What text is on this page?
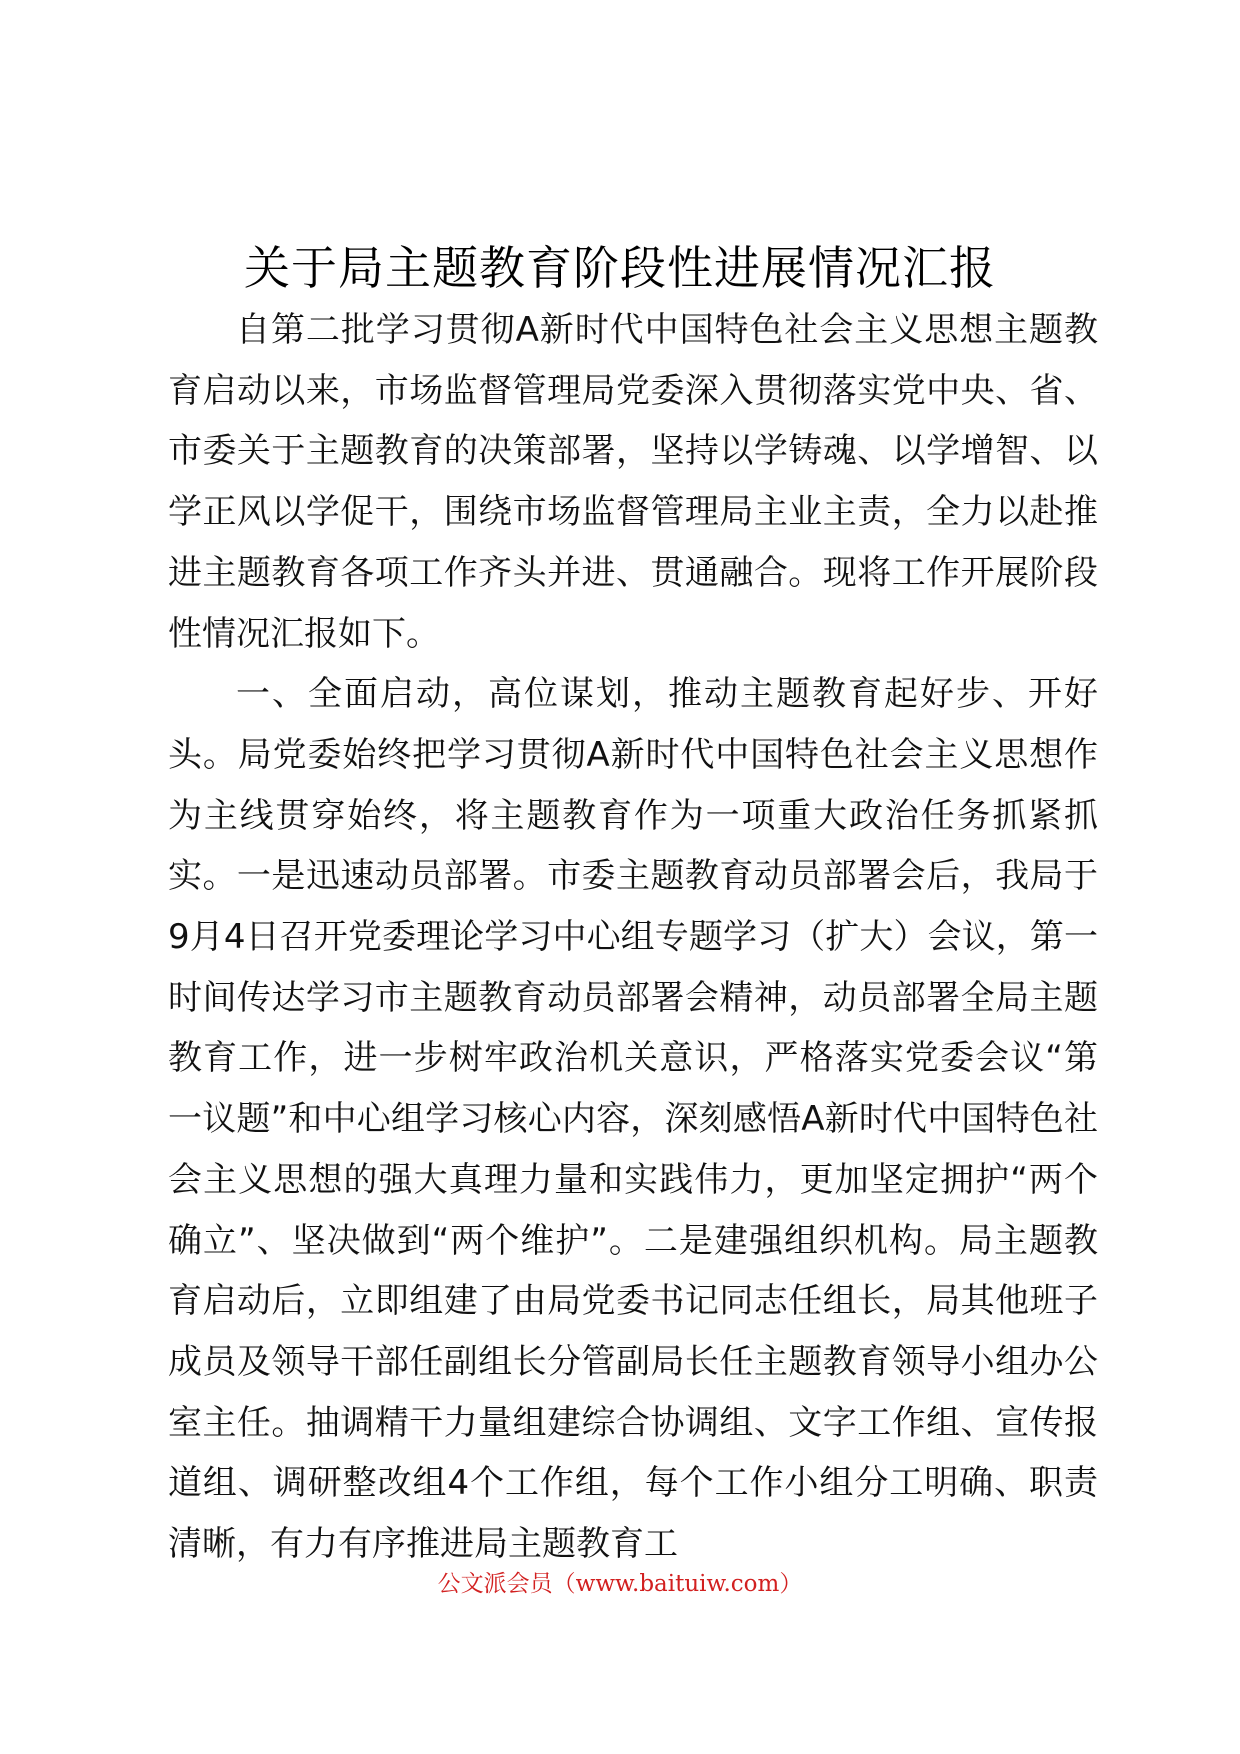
关于局主题教育阶段性进展情况汇报

自第二批学习贯彻A新时代中国特色社会主义思想主题教育启动以来，市场监督管理局党委深入贯彻落实党中央、省、市委关于主题教育的决策部署，坚持以学铸魂、以学增智、以学正风以学促干，围绕市场监督管理局主业主责，全力以赴推进主题教育各项工作齐头并进、贯通融合。现将工作开展阶段性情况汇报如下。

一、全面启动，高位谋划，推动主题教育起好步、开好头。局党委始终把学习贯彻A新时代中国特色社会主义思想作为主线贯穿始终，将主题教育作为一项重大政治任务抓紧抓实。一是迅速动员部署。市委主题教育动员部署会后，我局于9月4日召开党委理论学习中心组专题学习（扩大）会议，第一时间传达学习市主题教育动员部署会精神，动员部署全局主题教育工作，进一步树牢政治机关意识，严格落实党委会议“第一议题”和中心组学习核心内容，深刻感悟A新时代中国特色社会主义思想的强大真理力量和实践伟力，更加坚定拥护“两个确立”、坚决做到“两个维护”。二是建强组织机构。局主题教育启动后，立即组建了由局党委书记同志任组长，局其他班子成员及领导干部任副组长分管副局长任主题教育领导小组办公室主任。抽调精干力量组建综合协调组、文字工作组、宣传报道组、调研整改组4个工作组，每个工作小组分工明确、职责清晰，有力有序推进局主题教育工

公文派会员（www.baituiw.com）
